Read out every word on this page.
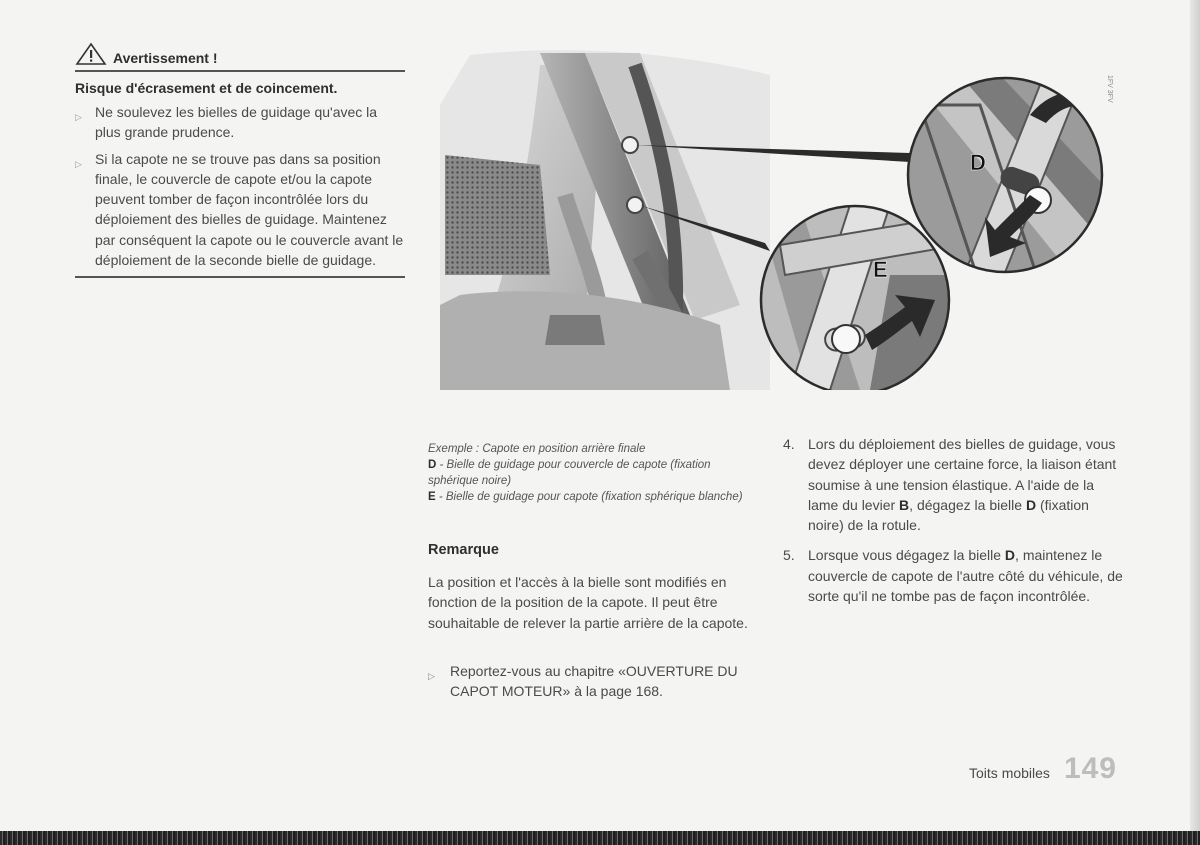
Avertissement !
Risque d'écrasement et de coincement.
▷ Ne soulevez les bielles de guidage qu'avec la plus grande prudence.
▷ Si la capote ne se trouve pas dans sa position finale, le couvercle de capote et/ou la capote peuvent tomber de façon incontrôlée lors du déploiement des bielles de guidage. Maintenez par conséquent la capote ou le couvercle avant le déploiement de la seconde bielle de guidage.
D
E
1FV 3FV
Exemple : Capote en position arrière finale
D - Bielle de guidage pour couvercle de capote (fixation sphérique noire)
E - Bielle de guidage pour capote (fixation sphérique blanche)
Remarque
La position et l'accès à la bielle sont modifiés en fonction de la position de la capote. Il peut être souhaitable de relever la partie arrière de la capote.
▷ Reportez-vous au chapitre «OUVERTURE DU CAPOT MOTEUR» à la page 168.
4. Lors du déploiement des bielles de guidage, vous devez déployer une certaine force, la liaison étant soumise à une tension élastique. A l'aide de la lame du levier B, dégagez la bielle D (fixation noire) de la rotule.
5. Lorsque vous dégagez la bielle D, maintenez le couvercle de capote de l'autre côté du véhicule, de sorte qu'il ne tombe pas de façon incontrôlée.
Toits mobiles 149
